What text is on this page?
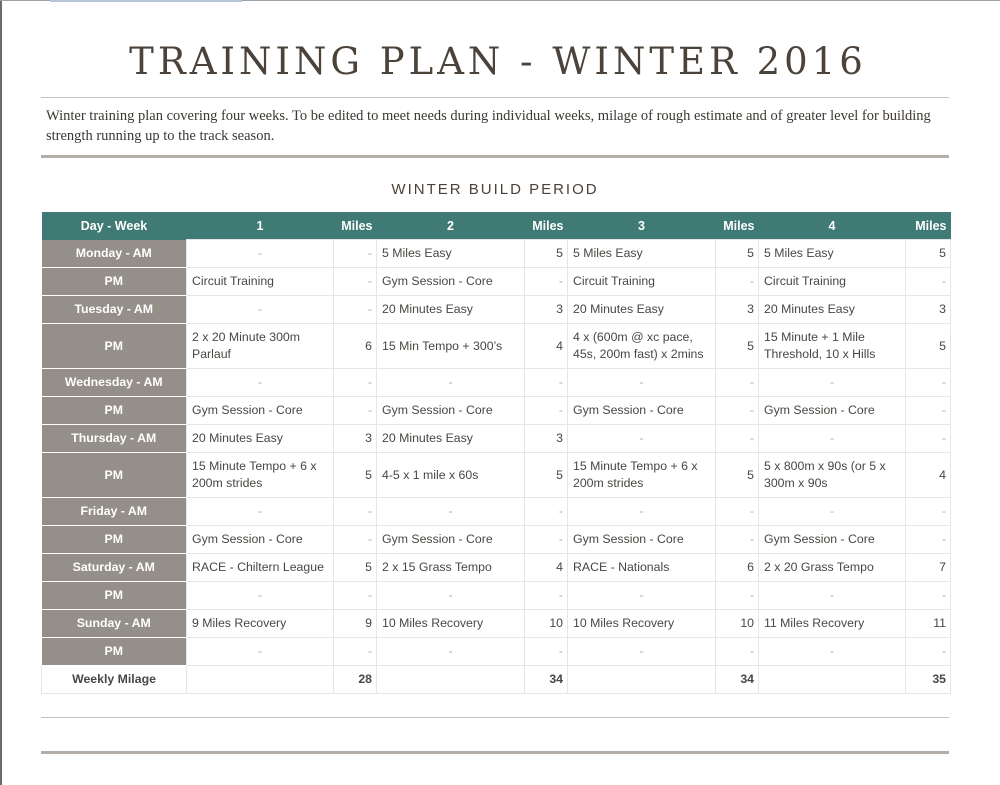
TRAINING PLAN - WINTER 2016

Winter training plan covering four weeks. To be edited to meet needs during individual weeks, milage of rough estimate and of greater level for building strength running up to the track season.

WINTER BUILD PERIOD
Day - Week	1	Miles	2	Miles	3	Miles	4	Miles
Monday - AM	-	-	5 Miles Easy	5	5 Miles Easy	5	5 Miles Easy	5
PM	Circuit Training	-	Gym Session - Core	-	Circuit Training	-	Circuit Training	-
Tuesday - AM	-	-	20 Minutes Easy	3	20 Minutes Easy	3	20 Minutes Easy	3
PM	2 x 20 Minute 300m Parlauf	6	15 Min Tempo + 300’s	4	4 x (600m @ xc pace, 45s, 200m fast) x 2mins	5	15 Minute + 1 Mile Threshold, 10 x Hills	5
Wednesday - AM	-	-	-	-	-	-	-	-
PM	Gym Session - Core	-	Gym Session - Core	-	Gym Session - Core	-	Gym Session - Core	-
Thursday - AM	20 Minutes Easy	3	20 Minutes Easy	3	-	-	-	-
PM	15 Minute Tempo + 6 x 200m strides	5	4-5 x 1 mile x 60s	5	15 Minute Tempo + 6 x 200m strides	5	5 x 800m x 90s (or 5 x 300m x 90s	4
Friday - AM	-	-	-	-	-	-	-	-
PM	Gym Session - Core	-	Gym Session - Core	-	Gym Session - Core	-	Gym Session - Core	-
Saturday - AM	RACE - Chiltern League	5	2 x 15 Grass Tempo	4	RACE - Nationals	6	2 x 20 Grass Tempo	7
PM	-	-	-	-	-	-	-	-
Sunday - AM	9 Miles Recovery	9	10 Miles Recovery	10	10 Miles Recovery	10	11 Miles Recovery	11
PM	-	-	-	-	-	-	-	-
Weekly Milage		28		34		34		35
